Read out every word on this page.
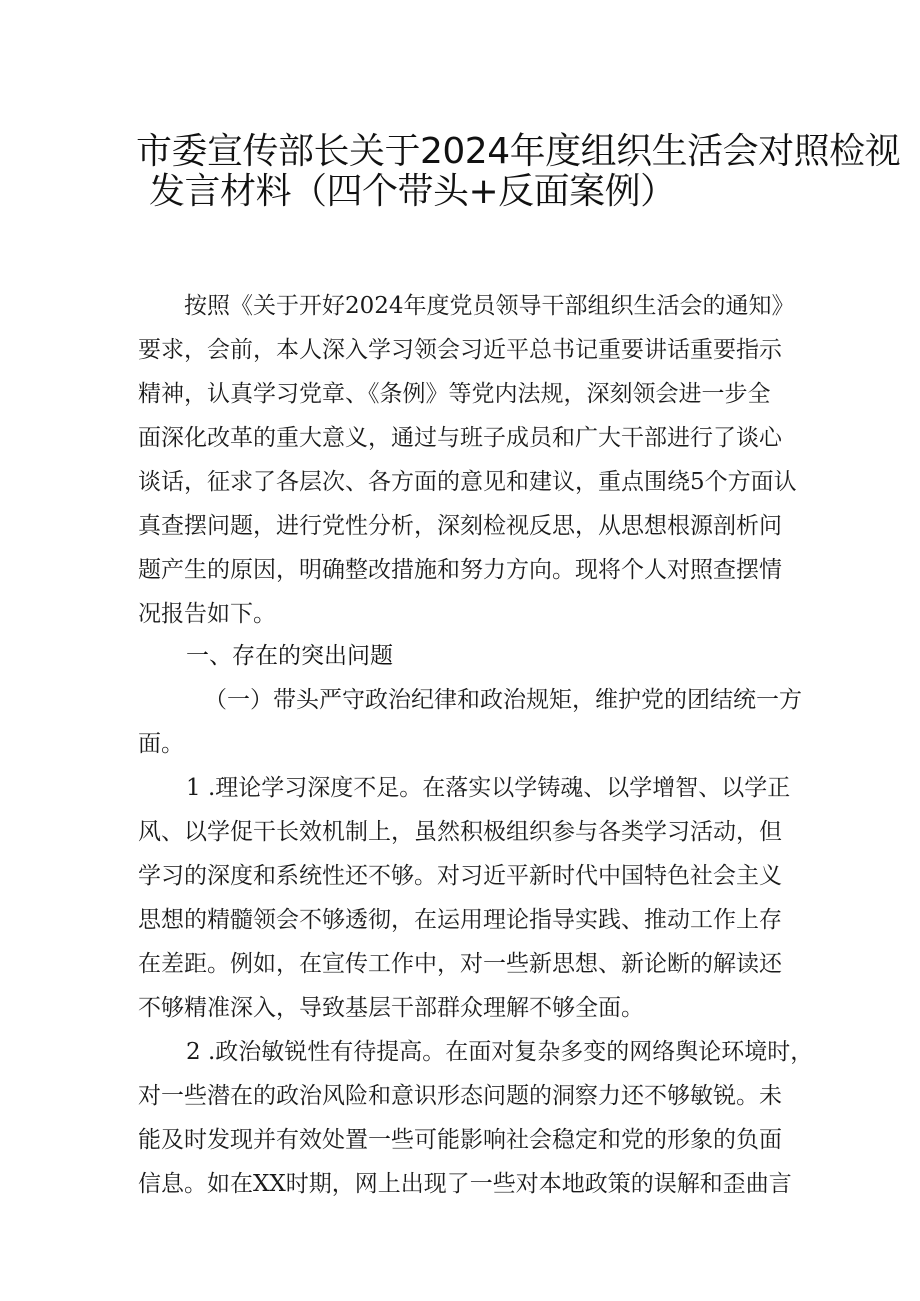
市委宣传部长关于2024年度组织生活会对照检视
发言材料（四个带头+反面案例）
按照《关于开好2024年度党员领导干部组织生活会的通知》
要求，会前，本人深入学习领会习近平总书记重要讲话重要指示
精神，认真学习党章、《条例》等党内法规，深刻领会进一步全
面深化改革的重大意义，通过与班子成员和广大干部进行了谈心
谈话，征求了各层次、各方面的意见和建议，重点围绕5个方面认
真查摆问题，进行党性分析，深刻检视反思，从思想根源剖析问
题产生的原因，明确整改措施和努力方向。现将个人对照查摆情
况报告如下。
一、存在的突出问题
（一）带头严守政治纪律和政治规矩，维护党的团结统一方
面。
1 .理论学习深度不足。在落实以学铸魂、以学增智、以学正
风、以学促干长效机制上，虽然积极组织参与各类学习活动，但
学习的深度和系统性还不够。对习近平新时代中国特色社会主义
思想的精髓领会不够透彻，在运用理论指导实践、推动工作上存
在差距。例如，在宣传工作中，对一些新思想、新论断的解读还
不够精准深入，导致基层干部群众理解不够全面。
2 .政治敏锐性有待提高。在面对复杂多变的网络舆论环境时，
对一些潜在的政治风险和意识形态问题的洞察力还不够敏锐。未
能及时发现并有效处置一些可能影响社会稳定和党的形象的负面
信息。如在XX时期，网上出现了一些对本地政策的误解和歪曲言
